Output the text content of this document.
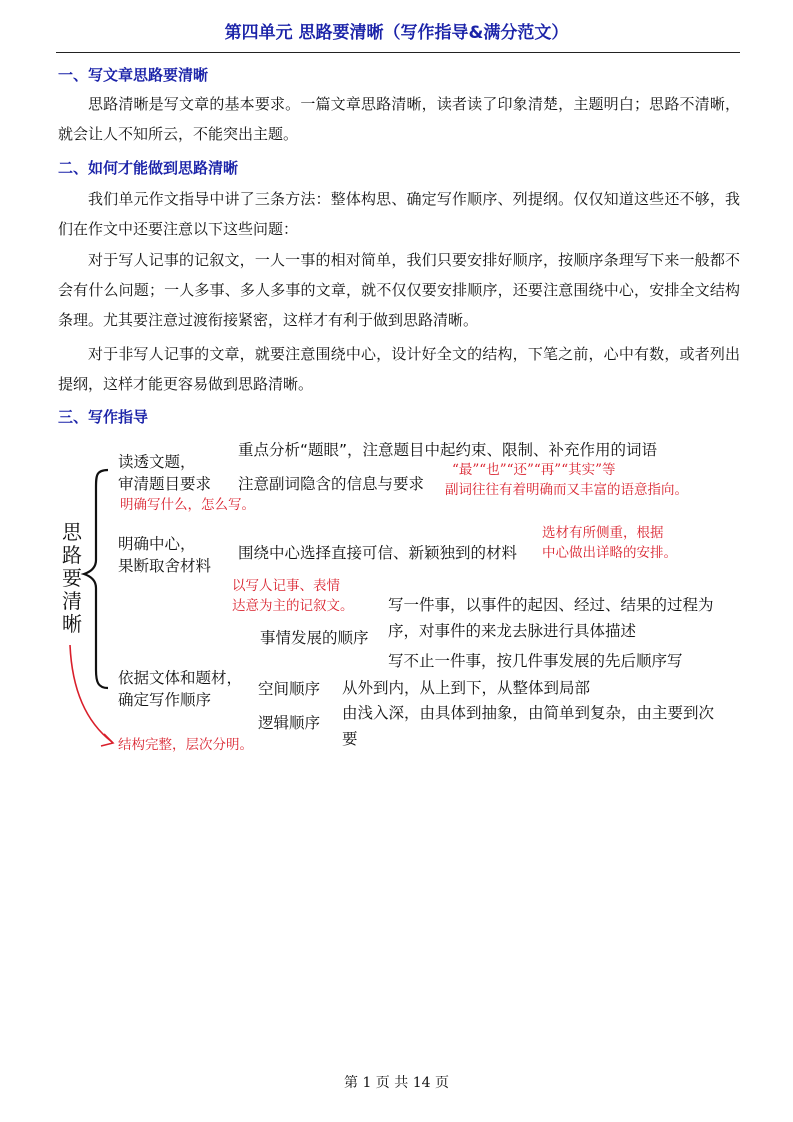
第四单元 思路要清晰（写作指导&满分范文）
一、写文章思路要清晰

思路清晰是写文章的基本要求。一篇文章思路清晰，读者读了印象清楚，主题明白；思路不清晰，就会让人不知所云，不能突出主题。

二、如何才能做到思路清晰

我们单元作文指导中讲了三条方法：整体构思、确定写作顺序、列提纲。仅仅知道这些还不够，我们在作文中还要注意以下这些问题：

对于写人记事的记叙文，一人一事的相对简单，我们只要安排好顺序，按顺序条理写下来一般都不会有什么问题；一人多事、多人多事的文章，就不仅仅要安排顺序，还要注意围绕中心，安排全文结构条理。尤其要注意过渡衔接紧密，这样才有利于做到思路清晰。

对于非写人记事的文章，就要注意围绕中心，设计好全文的结构，下笔之前，心中有数，或者列出提纲，这样才能更容易做到思路清晰。

三、写作指导
思路要清晰
读透文题，
审清题目要求
重点分析“题眼”，注意题目中起约束、限制、补充作用的词语
注意副词隐含的信息与要求
明确写什么，怎么写。
“最”“也”“还”“再”“其实”等
副词往往有着明确而又丰富的语意指向。
明确中心，
果断取舍材料
围绕中心选择直接可信、新颖独到的材料
选材有所侧重，根据
中心做出详略的安排。
以写人记事、表情
达意为主的记叙文。
依据文体和题材，
确定写作顺序
事情发展的顺序
写一件事，以事件的起因、经过、结果的过程为序，对事件的来龙去脉进行具体描述
写不止一件事，按几件事发展的先后顺序写
空间顺序 从外到内，从上到下，从整体到局部
逻辑顺序
由浅入深，由具体到抽象，由简单到复杂，由主要到次要
结构完整，层次分明。
第 1 页 共 14 页
